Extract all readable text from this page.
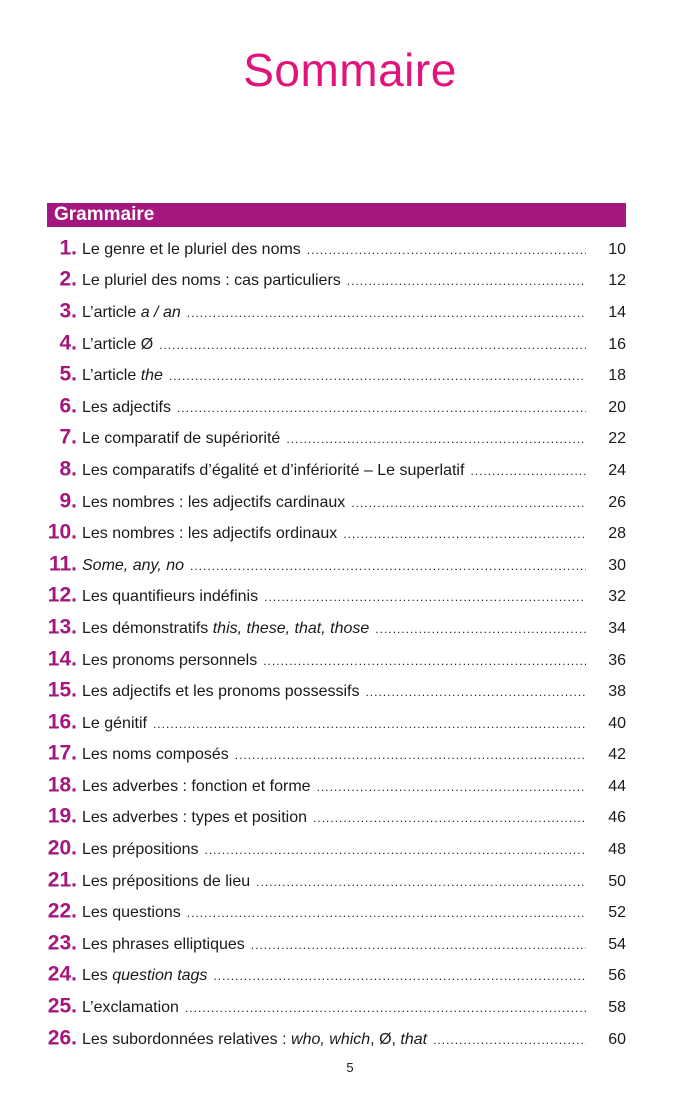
Sommaire
Grammaire
1. Le genre et le pluriel des noms .....	10
2. Le pluriel des noms : cas particuliers .....	12
3. L’article a / an .....	14
4. L’article Ø .....	16
5. L’article the .....	18
6. Les adjectifs .....	20
7. Le comparatif de supériorité .....	22
8. Les comparatifs d’égalité et d’infériorité – Le superlatif .....	24
9. Les nombres : les adjectifs cardinaux .....	26
10. Les nombres : les adjectifs ordinaux .....	28
11. Some, any, no .....	30
12. Les quantifieurs indéfinis .....	32
13. Les démonstratifs this, these, that, those .....	34
14. Les pronoms personnels .....	36
15. Les adjectifs et les pronoms possessifs .....	38
16. Le génitif .....	40
17. Les noms composés .....	42
18. Les adverbes : fonction et forme .....	44
19. Les adverbes : types et position .....	46
20. Les prépositions .....	48
21. Les prépositions de lieu .....	50
22. Les questions .....	52
23. Les phrases elliptiques .....	54
24. Les question tags .....	56
25. L’exclamation .....	58
26. Les subordonnées relatives : who, which, Ø, that .....	60
5
